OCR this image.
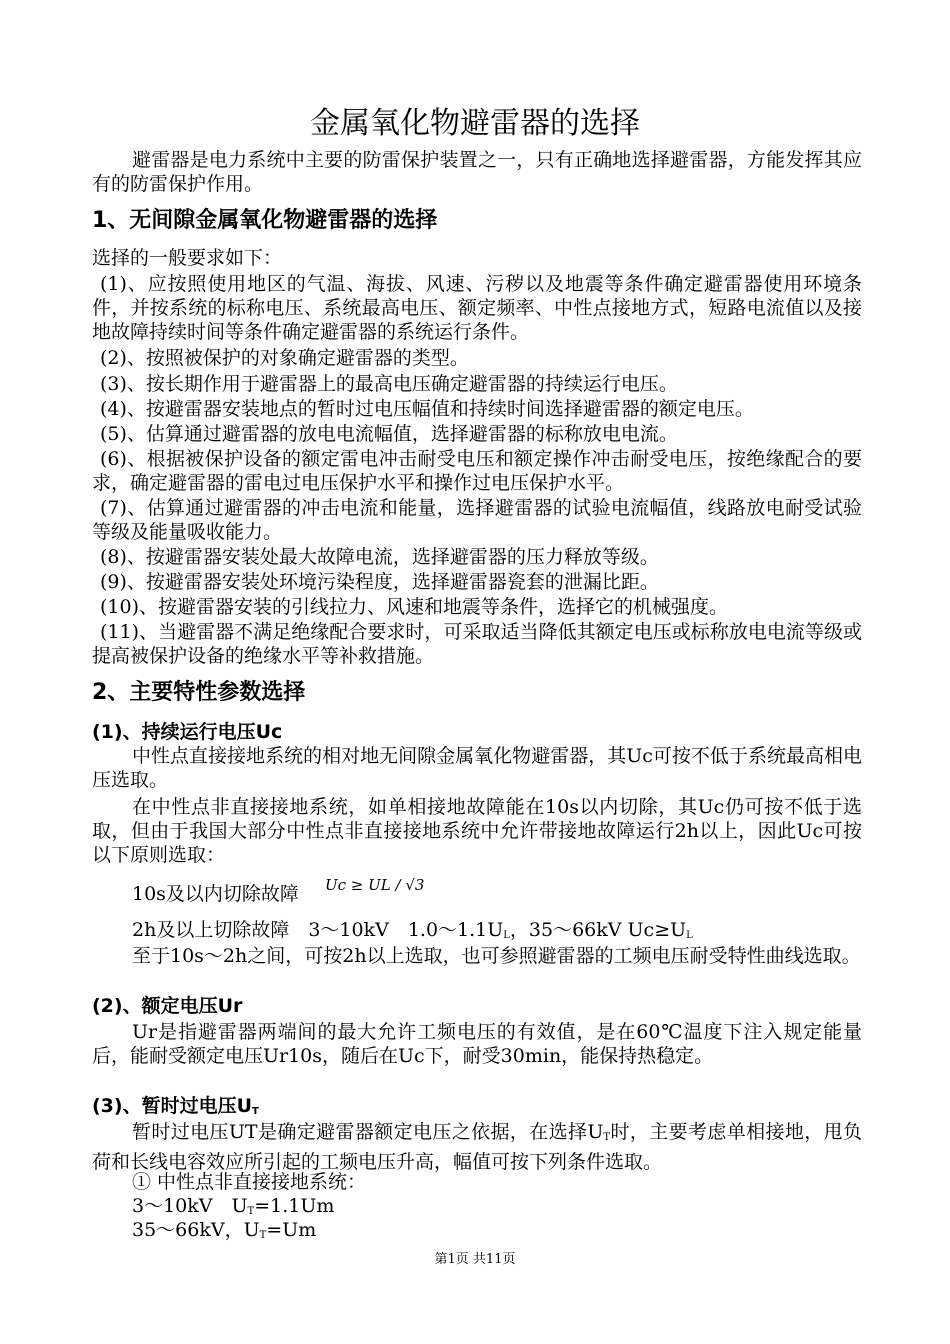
金属氧化物避雷器的选择
避雷器是电力系统中主要的防雷保护装置之一，只有正确地选择避雷器，方能发挥其应有的防雷保护作用。
1、无间隙金属氧化物避雷器的选择
选择的一般要求如下：
(1)、应按照使用地区的气温、海拔、风速、污秽以及地震等条件确定避雷器使用环境条件，并按系统的标称电压、系统最高电压、额定频率、中性点接地方式，短路电流值以及接地故障持续时间等条件确定避雷器的系统运行条件。
(2)、按照被保护的对象确定避雷器的类型。
(3)、按长期作用于避雷器上的最高电压确定避雷器的持续运行电压。
(4)、按避雷器安装地点的暂时过电压幅值和持续时间选择避雷器的额定电压。
(5)、估算通过避雷器的放电电流幅值，选择避雷器的标称放电电流。
(6)、根据被保护设备的额定雷电冲击耐受电压和额定操作冲击耐受电压，按绝缘配合的要求，确定避雷器的雷电过电压保护水平和操作过电压保护水平。
(7)、估算通过避雷器的冲击电流和能量，选择避雷器的试验电流幅值，线路放电耐受试验等级及能量吸收能力。
(8)、按避雷器安装处最大故障电流，选择避雷器的压力释放等级。
(9)、按避雷器安装处环境污染程度，选择避雷器瓷套的泄漏比距。
(10)、按避雷器安装的引线拉力、风速和地震等条件，选择它的机械强度。
(11)、当避雷器不满足绝缘配合要求时，可采取适当降低其额定电压或标称放电电流等级或提高被保护设备的绝缘水平等补救措施。
2、主要特性参数选择
(1)、持续运行电压Uc
中性点直接接地系统的相对地无间隙金属氧化物避雷器，其Uc可按不低于系统最高相电压选取。
在中性点非直接接地系统，如单相接地故障能在10s以内切除，其Uc仍可按不低于选取，但由于我国大部分中性点非直接接地系统中允许带接地故障运行2h以上，因此Uc可按以下原则选取：
10s及以内切除故障 $^{Uc \ge UL / √3}$
2h及以上切除故障　3～10kV　$1.0\sim 1.1U_L$，35～66kV $Uc\ge U_L$
至于10s～2h之间，可按2h以上选取，也可参照避雷器的工频电压耐受特性曲线选取。
(2)、额定电压Ur
Ur是指避雷器两端间的最大允许工频电压的有效值，是在60℃温度下注入规定能量后，能耐受额定电压Ur10s，随后在Uc下，耐受30min，能保持热稳定。
(3)、暂时过电压$U_T$
暂时过电压UT是确定避雷器额定电压之依据，在选择$U_T$时，主要考虑单相接地，甩负荷和长线电容效应所引起的工频电压升高，幅值可按下列条件选取。
① 中性点非直接接地系统：
3～10kV　$U_T=1.1Um$
35～66kV，$U_T=Um$
第1页 共11页
